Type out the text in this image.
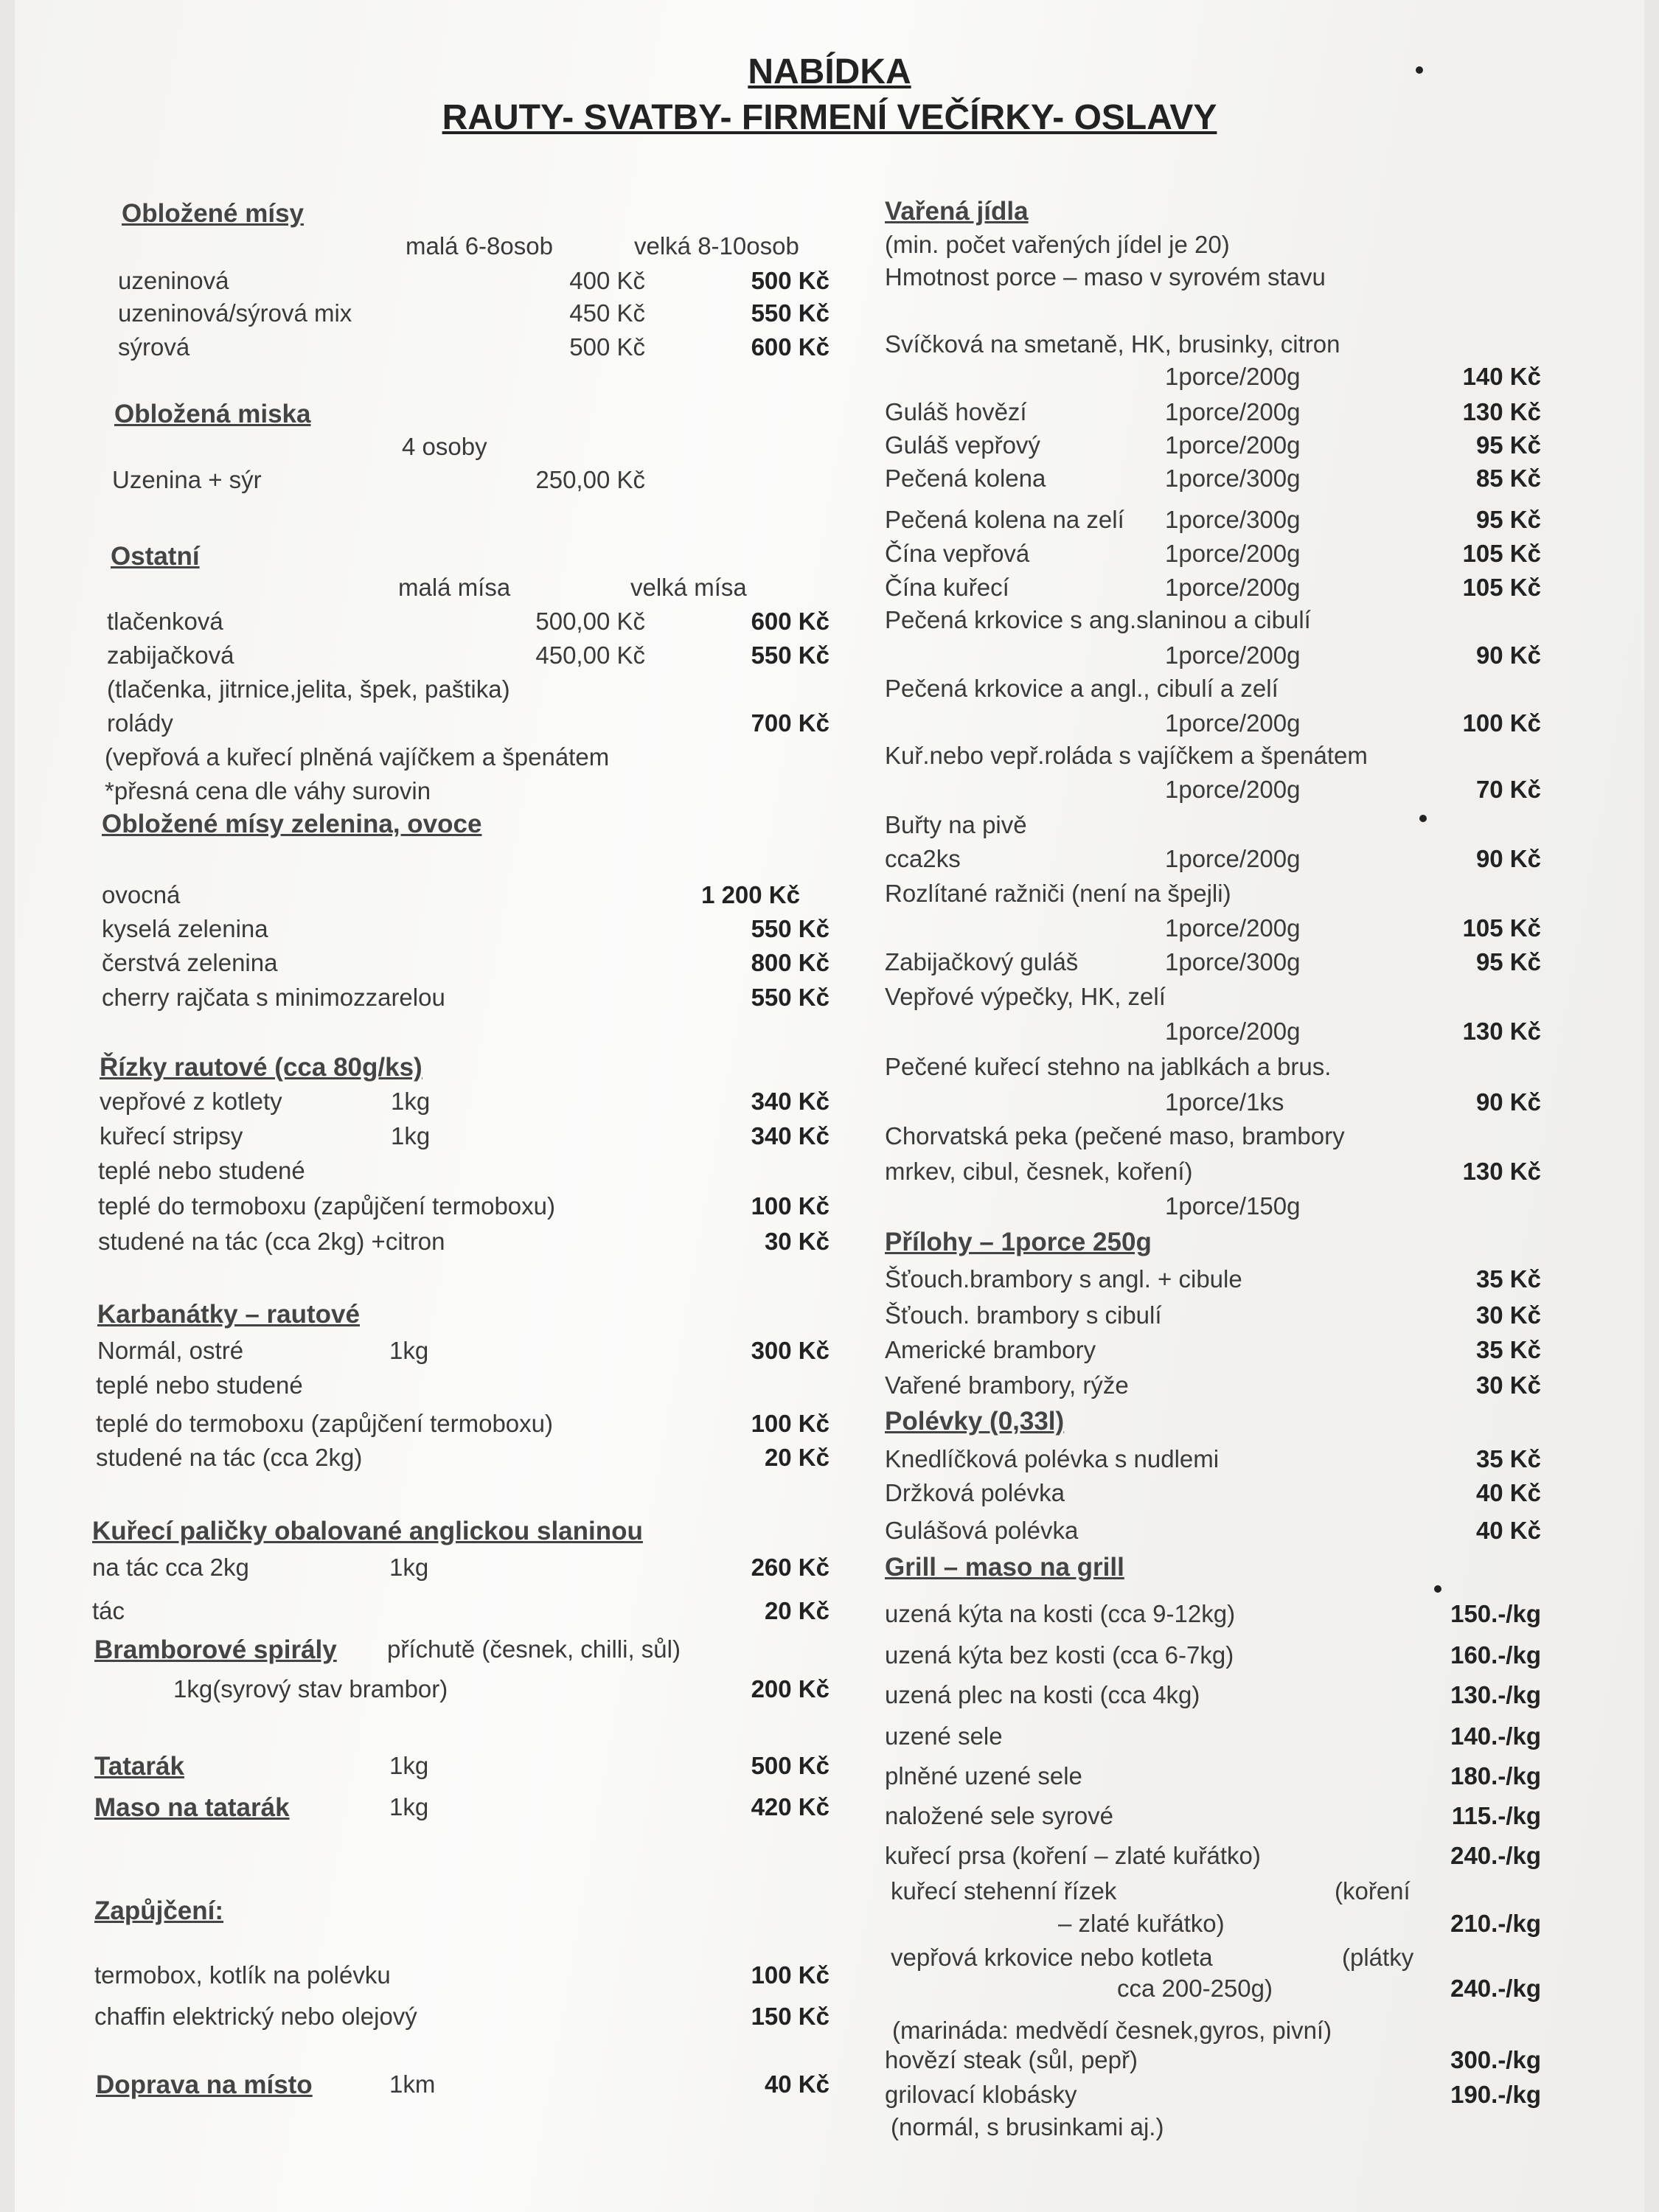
NABÍDKA
RAUTY- SVATBY- FIRMENÍ VEČÍRKY- OSLAVY
Obložené mísy
malá 6-8osob	velká 8-10osob
uzeninová	400 Kč	500 Kč
uzeninová/sýrová mix	450 Kč	550 Kč
sýrová	500 Kč	600 Kč
Obložená miska
4 osoby
Uzenina + sýr	250,00 Kč
Ostatní
malá mísa	velká mísa
tlačenková	500,00 Kč	600 Kč
zabijačková	450,00 Kč	550 Kč
(tlačenka, jitrnice,jelita, špek, paštika)
rolády	700 Kč
(vepřová a kuřecí plněná vajíčkem a špenátem
*přesná cena dle váhy surovin
Obložené mísy zelenina, ovoce
ovocná	1 200 Kč
kyselá zelenina	550 Kč
čerstvá zelenina	800 Kč
cherry rajčata s minimozzarelou	550 Kč
Řízky rautové (cca 80g/ks)
vepřové z kotlety	1kg	340 Kč
kuřecí stripsy	1kg	340 Kč
teplé nebo studené
teplé do termoboxu (zapůjčení termoboxu)	100 Kč
studené na tác (cca 2kg) +citron	30 Kč
Karbanátky – rautové
Normál, ostré	1kg	300 Kč
teplé nebo studené
teplé do termoboxu (zapůjčení termoboxu)	100 Kč
studené na tác (cca 2kg)	20 Kč
Kuřecí paličky obalované anglickou slaninou
na tác cca 2kg	1kg	260 Kč
tác	20 Kč
Bramborové spirály příchutě (česnek, chilli, sůl)
1kg(syrový stav brambor)	200 Kč
Tatarák	1kg	500 Kč
Maso na tatarák	1kg	420 Kč
Zapůjčení:
termobox, kotlík na polévku	100 Kč
chaffin elektrický nebo olejový	150 Kč
Doprava na místo	1km	40 Kč
Vařená jídla
(min. počet vařených jídel je 20)
Hmotnost porce – maso v syrovém stavu
Svíčková na smetaně, HK, brusinky, citron
1porce/200g	140 Kč
Guláš hovězí	1porce/200g	130 Kč
Guláš vepřový	1porce/200g	95 Kč
Pečená kolena	1porce/300g	85 Kč
Pečená kolena na zelí 1porce/300g	95 Kč
Čína vepřová	1porce/200g	105 Kč
Čína kuřecí	1porce/200g	105 Kč
Pečená krkovice s ang.slaninou a cibulí
1porce/200g	90 Kč
Pečená krkovice a angl., cibulí a zelí
1porce/200g	100 Kč
Kuř.nebo vepř.roláda s vajíčkem a špenátem
1porce/200g	70 Kč
Buřty na pivě
cca2ks	1porce/200g	90 Kč
Rozlítané ražniči (není na špejli)
1porce/200g	105 Kč
Zabijačkový guláš	1porce/300g	95 Kč
Vepřové výpečky, HK, zelí
1porce/200g	130 Kč
Pečené kuřecí stehno na jablkách a brus.
1porce/1ks	90 Kč
Chorvatská peka (pečené maso, brambory
mrkev, cibul, česnek, koření)	130 Kč
1porce/150g
Přílohy – 1porce 250g
Šťouch.brambory s angl. + cibule	35 Kč
Šťouch. brambory s cibulí	30 Kč
Americké brambory	35 Kč
Vařené brambory, rýže	30 Kč
Polévky (0,33l)
Knedlíčková polévka s nudlemi	35 Kč
Držková polévka	40 Kč
Gulášová polévka	40 Kč
Grill – maso na grill
uzená kýta na kosti (cca 9-12kg)	150.-/kg
uzená kýta bez kosti (cca 6-7kg)	160.-/kg
uzená plec na kosti (cca 4kg)	130.-/kg
uzené sele	140.-/kg
plněné uzené sele	180.-/kg
naložené sele syrové	115.-/kg
kuřecí prsa (koření – zlaté kuřátko)	240.-/kg
kuřecí stehenní řízek	(koření
– zlaté kuřátko)	210.-/kg
vepřová krkovice nebo kotleta	(plátky
cca 200-250g)	240.-/kg
(marináda: medvědí česnek,gyros, pivní)
hovězí steak (sůl, pepř)	300.-/kg
grilovací klobásky	190.-/kg
(normál, s brusinkami aj.)
